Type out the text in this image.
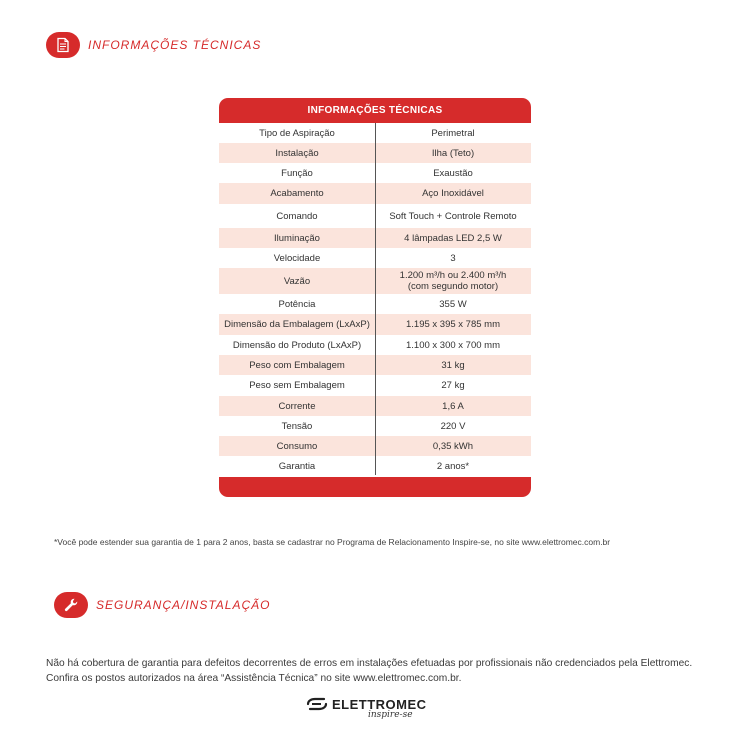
INFORMAÇÕES TÉCNICAS
INFORMAÇÕES TÉCNICAS
Tipo de Aspiração	Perimetral
Instalação	Ilha (Teto)
Função	Exaustão
Acabamento	Aço Inoxidável
Comando	Soft Touch + Controle Remoto
Iluminação	4 lâmpadas LED 2,5 W
Velocidade	3
Vazão	1.200 m³/h ou 2.400 m³/h
(com segundo motor)
Potência	355 W
Dimensão da Embalagem (LxAxP)	1.195 x 395 x 785 mm
Dimensão do Produto (LxAxP)	1.100 x 300 x 700 mm
Peso com Embalagem	31 kg
Peso sem Embalagem	27 kg
Corrente	1,6 A
Tensão	220 V
Consumo	0,35 kWh
Garantia	2 anos*
*Você pode estender sua garantia de 1 para 2 anos, basta se cadastrar no Programa de Relacionamento Inspire-se, no site www.elettromec.com.br
SEGURANÇA/INSTALAÇÃO
Não há cobertura de garantia para defeitos decorrentes de erros em instalações efetuadas por profissionais não credenciados pela Elettromec. Confira os postos autorizados na área “Assistência Técnica” no site www.elettromec.com.br.
ELETTROMEC
inspire-se
